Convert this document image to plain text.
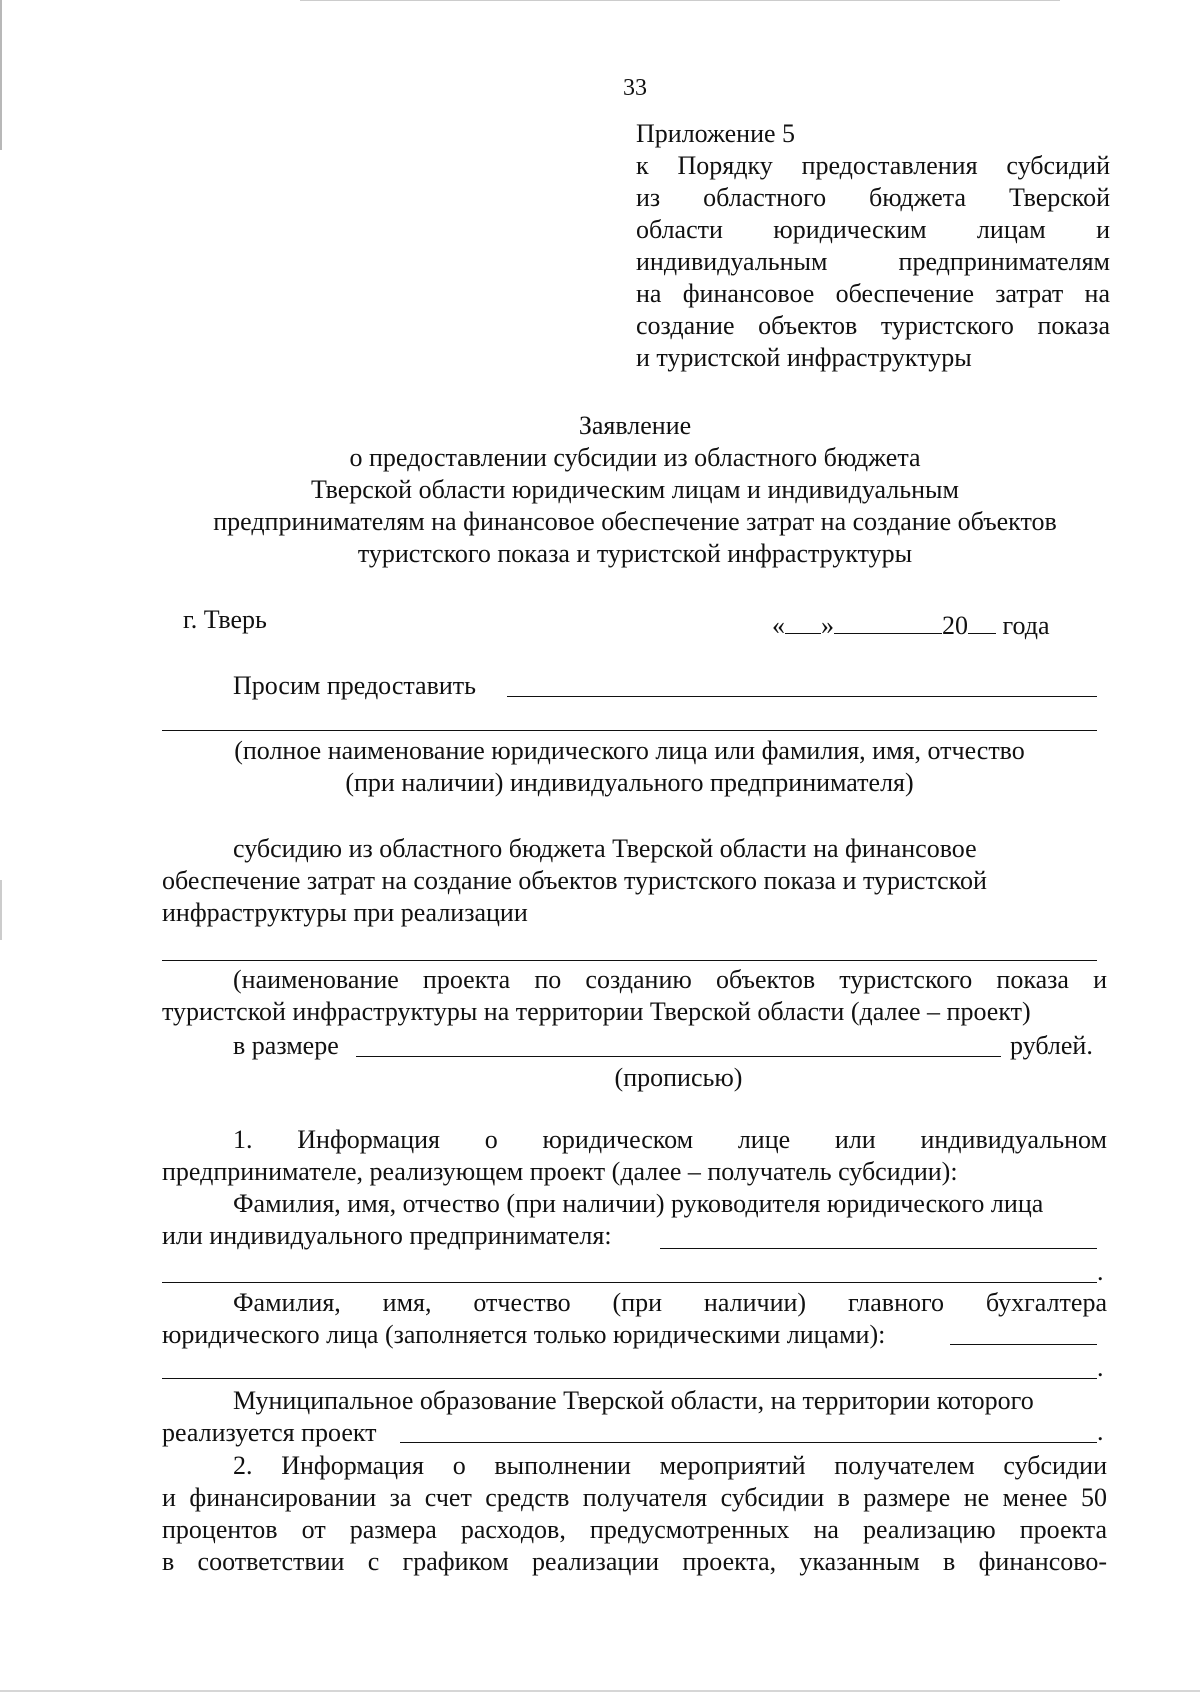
33
Приложение 5
к Порядку предоставления субсидий
из областного бюджета Тверской
области юридическим лицам и
индивидуальным предпринимателям
на финансовое обеспечение затрат на
создание объектов туристского показа
и туристской инфраструктуры
Заявление
о предоставлении субсидии из областного бюджета
Тверской области юридическим лицам и индивидуальным
предпринимателям на финансовое обеспечение затрат на создание объектов
туристского показа и туристской инфраструктуры
г. Тверь	« »	20 года
Просим предоставить
(полное наименование юридического лица или фамилия, имя, отчество
(при наличии) индивидуального предпринимателя)
субсидию из областного бюджета Тверской области на финансовое
обеспечение затрат на создание объектов туристского показа и туристской
инфраструктуры при реализации
(наименование проекта по созданию объектов туристского показа и
туристской инфраструктуры на территории Тверской области (далее – проект)
в размере	рублей.
(прописью)
1. Информация о юридическом лице или индивидуальном
предпринимателе, реализующем проект (далее – получатель субсидии):
Фамилия, имя, отчество (при наличии) руководителя юридического лица
или индивидуального предпринимателя:
.
Фамилия, имя, отчество (при наличии) главного бухгалтера
юридического лица (заполняется только юридическими лицами):
.
Муниципальное образование Тверской области, на территории которого
реализуется проект	.
2. Информация о выполнении мероприятий получателем субсидии
и финансировании за счет средств получателя субсидии в размере не менее 50
процентов от размера расходов, предусмотренных на реализацию проекта
в соответствии с графиком реализации проекта, указанным в финансово-
